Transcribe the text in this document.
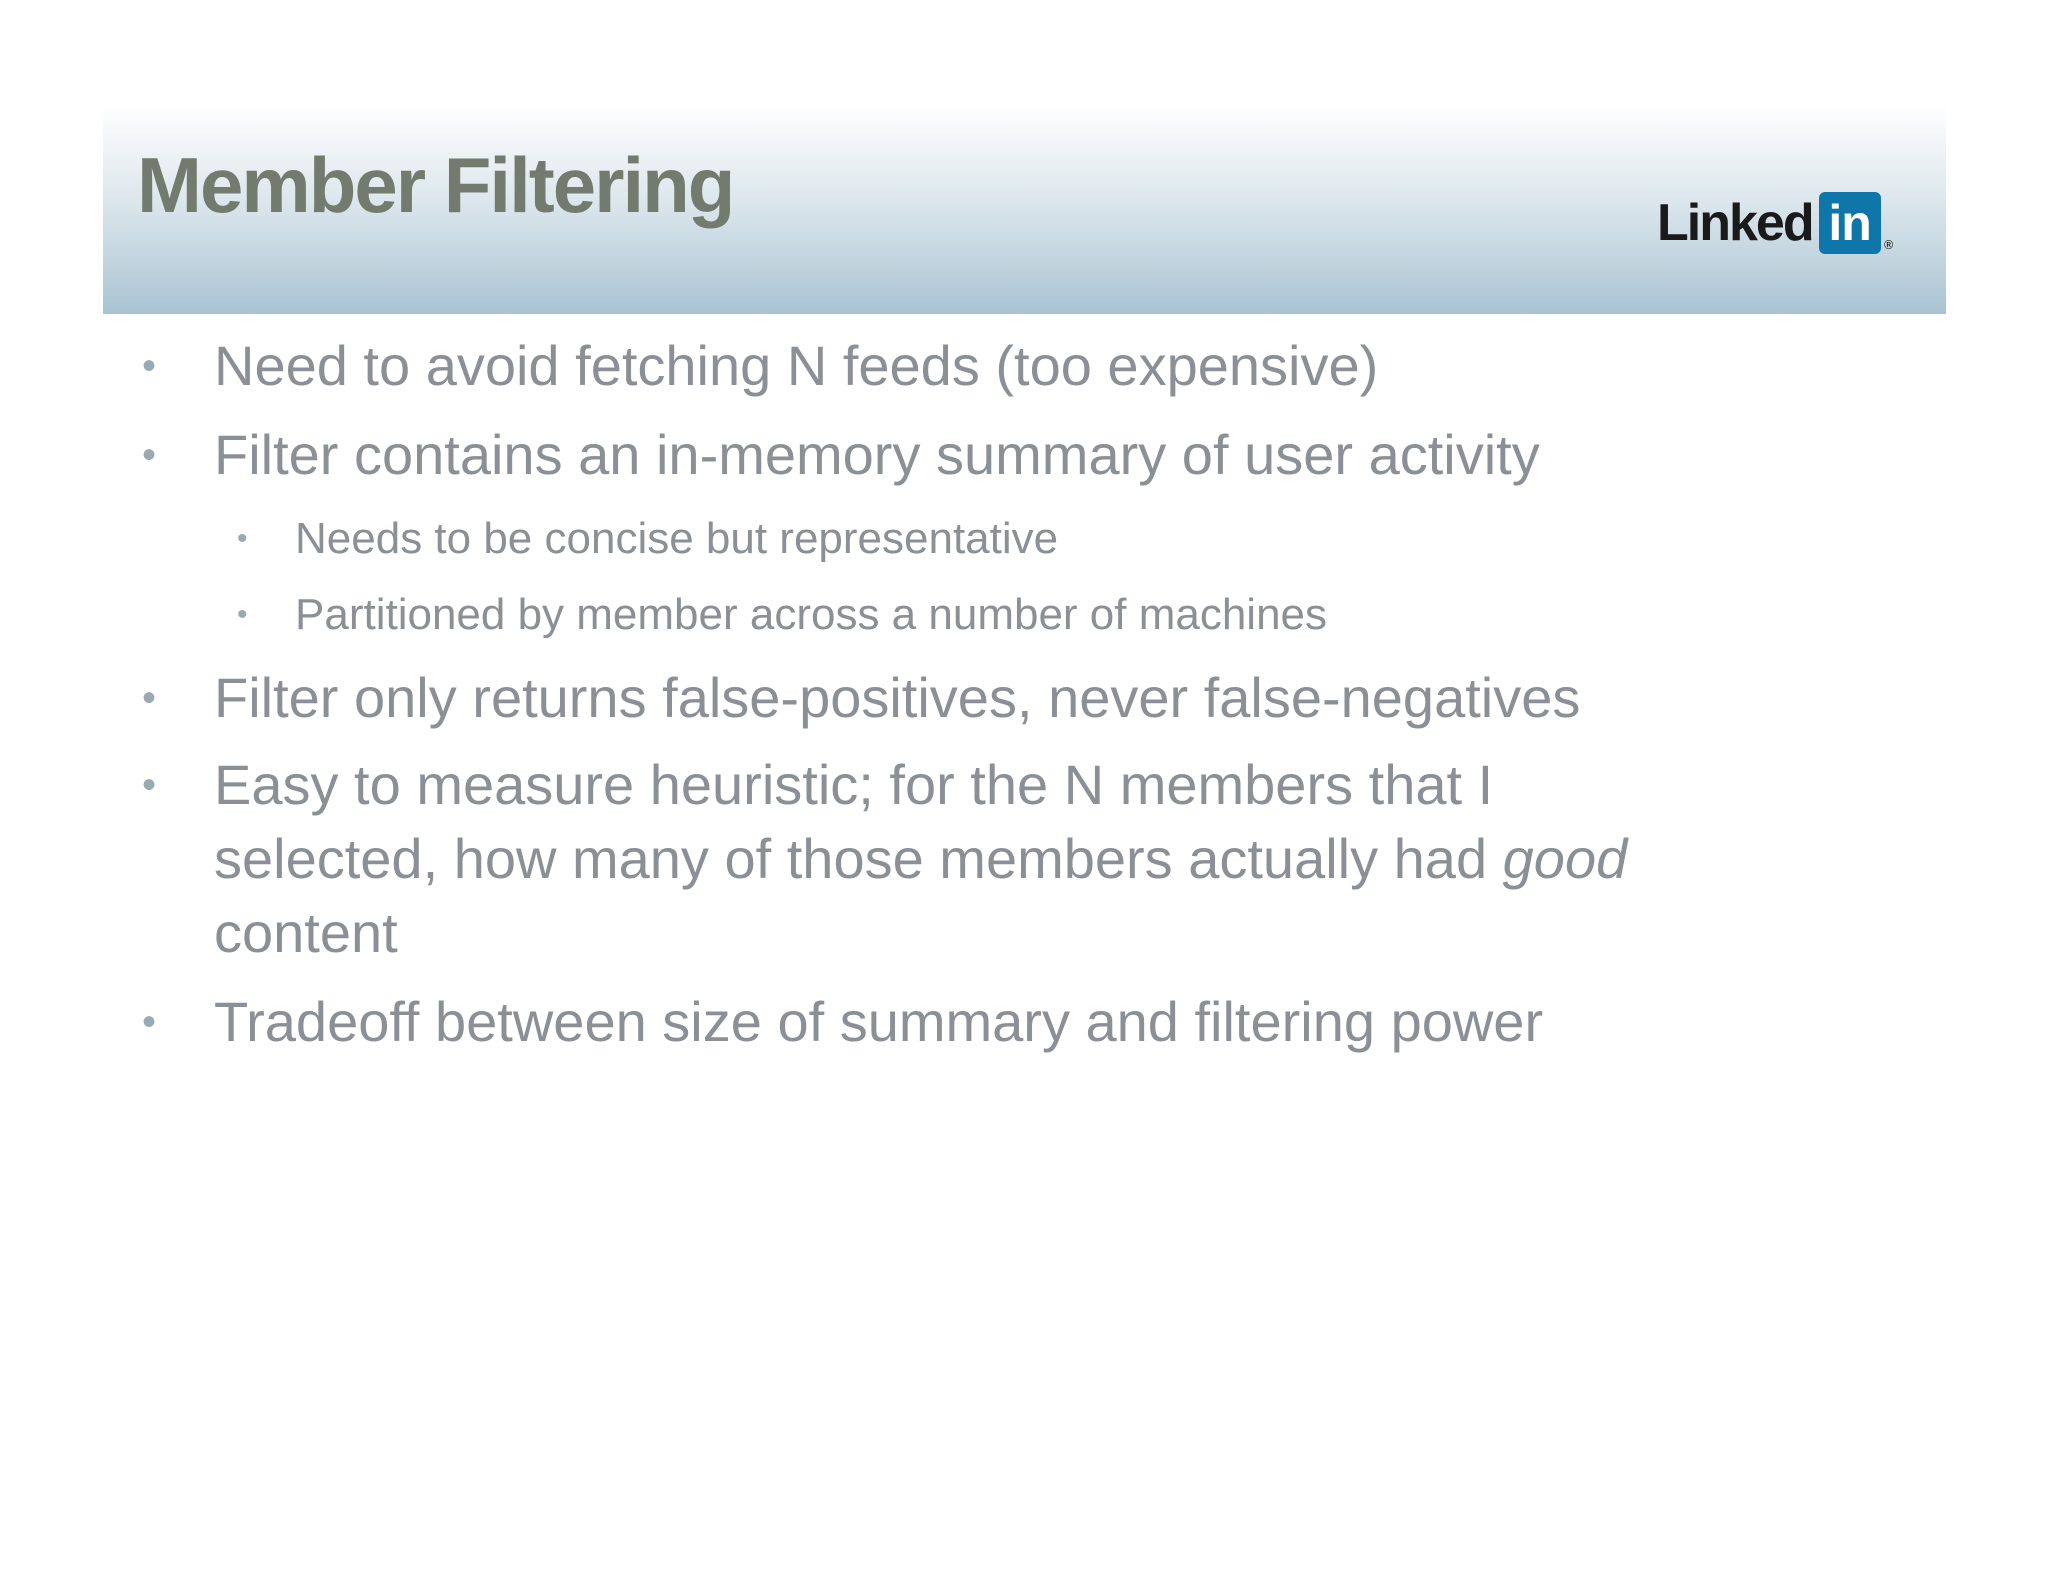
Member Filtering	Linked in ®
• Need to avoid fetching N feeds (too expensive)
• Filter contains an in-memory summary of user activity
• Needs to be concise but representative
• Partitioned by member across a number of machines
• Filter only returns false-positives, never false-negatives
• Easy to measure heuristic; for the N members that I
selected, how many of those members actually had good
content
• Tradeoff between size of summary and filtering power
